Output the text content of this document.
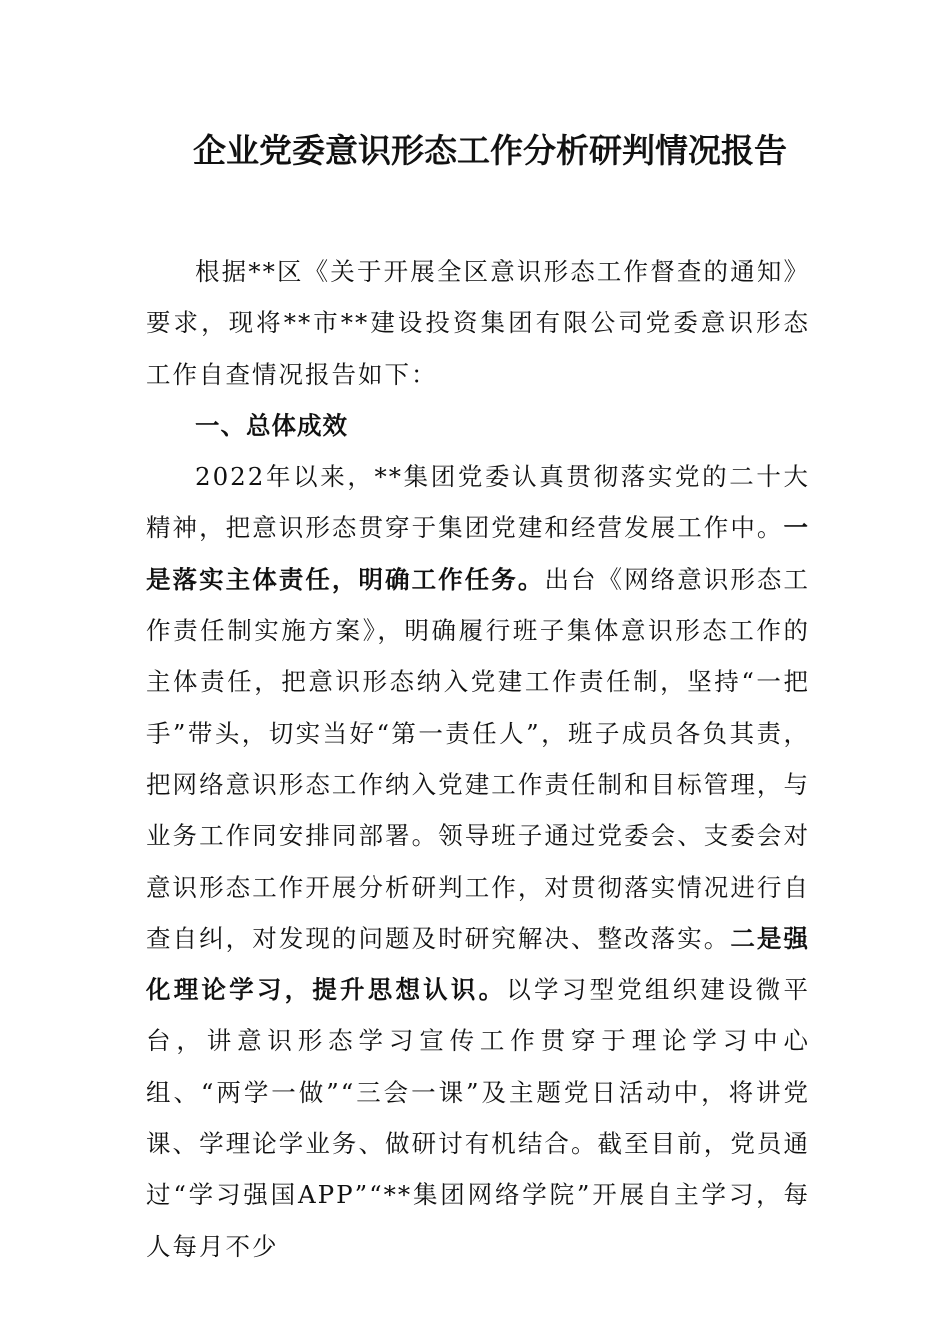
企业党委意识形态工作分析研判情况报告

根据**区《关于开展全区意识形态工作督查的通知》要求，现将**市**建设投资集团有限公司党委意识形态工作自查情况报告如下：

一、总体成效

2022年以来，**集团党委认真贯彻落实党的二十大精神，把意识形态贯穿于集团党建和经营发展工作中。一是落实主体责任，明确工作任务。出台《网络意识形态工作责任制实施方案》，明确履行班子集体意识形态工作的主体责任，把意识形态纳入党建工作责任制，坚持“一把手”带头，切实当好“第一责任人”，班子成员各负其责，把网络意识形态工作纳入党建工作责任制和目标管理，与业务工作同安排同部署。领导班子通过党委会、支委会对意识形态工作开展分析研判工作，对贯彻落实情况进行自查自纠，对发现的问题及时研究解决、整改落实。二是强化理论学习，提升思想认识。以学习型党组织建设微平台，讲意识形态学习宣传工作贯穿于理论学习中心组、“两学一做”“三会一课”及主题党日活动中，将讲党课、学理论学业务、做研讨有机结合。截至目前，党员通过“学习强国APP”“**集团网络学院”开展自主学习，每人每月不少
